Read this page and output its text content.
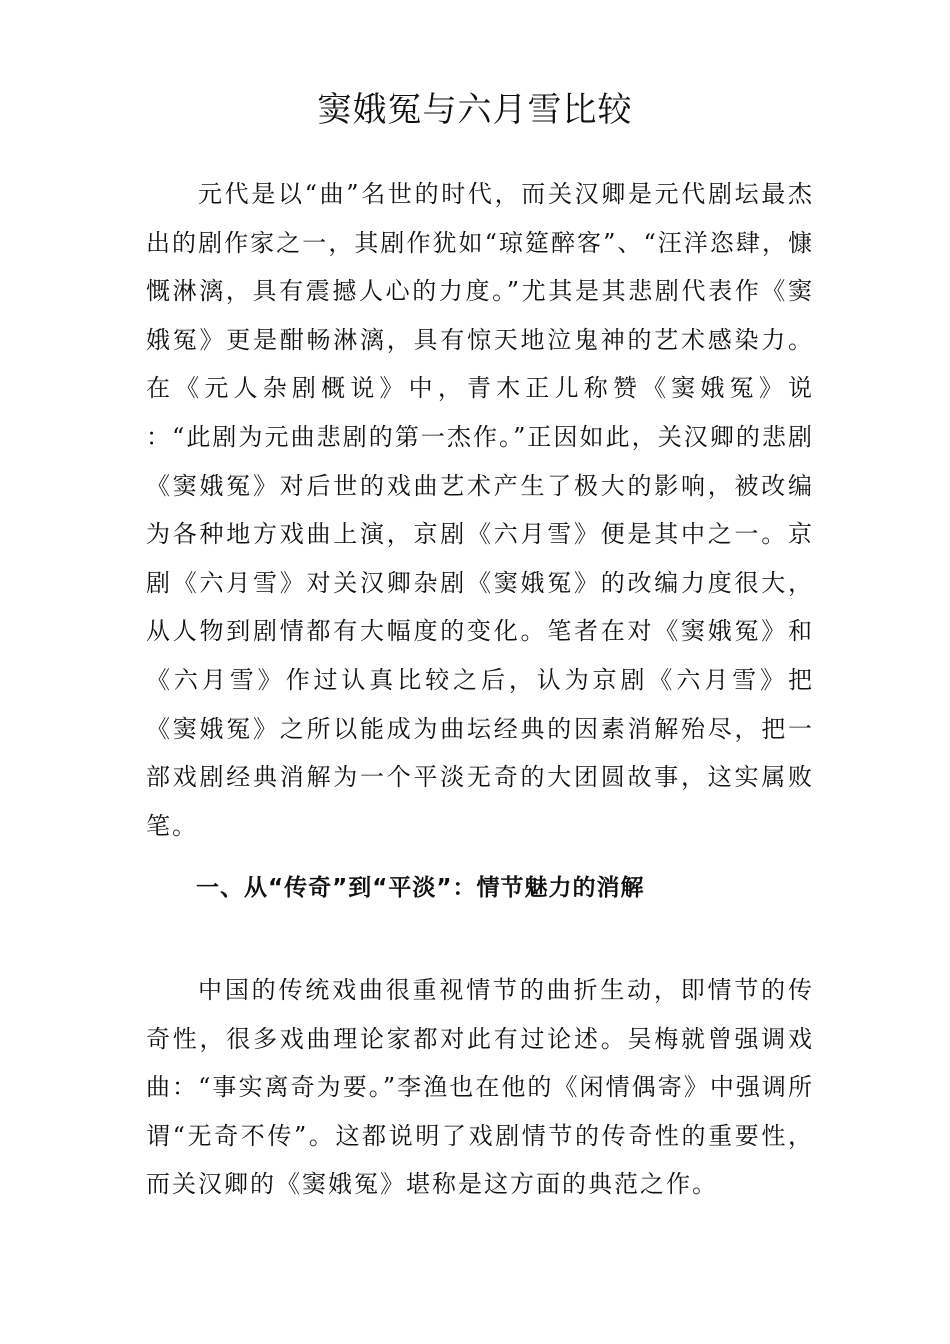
窦娥冤与六月雪比较

元代是以“曲”名世的时代，而关汉卿是元代剧坛最杰出的剧作家之一，其剧作犹如“琼筵醉客”、“汪洋恣肆，慷慨淋漓，具有震撼人心的力度。”尤其是其悲剧代表作《窦娥冤》更是酣畅淋漓，具有惊天地泣鬼神的艺术感染力。在《元人杂剧概说》中，青木正儿称赞《窦娥冤》说 ：“此剧为元曲悲剧的第一杰作。”正因如此，关汉卿的悲剧《窦娥冤》对后世的戏曲艺术产生了极大的影响，被改编为各种地方戏曲上演，京剧《六月雪》便是其中之一。京剧《六月雪》对关汉卿杂剧《窦娥冤》的改编力度很大，从人物到剧情都有大幅度的变化。笔者在对《窦娥冤》和《六月雪》作过认真比较之后，认为京剧《六月雪》把《窦娥冤》之所以能成为曲坛经典的因素消解殆尽，把一部戏剧经典消解为一个平淡无奇的大团圆故事，这实属败笔。

一、从“传奇”到“平淡”：情节魅力的消解

中国的传统戏曲很重视情节的曲折生动，即情节的传奇性，很多戏曲理论家都对此有过论述。吴梅就曾强调戏曲：“事实离奇为要。”李渔也在他的《闲情偶寄》中强调所谓“无奇不传”。这都说明了戏剧情节的传奇性的重要性，而关汉卿的《窦娥冤》堪称是这方面的典范之作。
